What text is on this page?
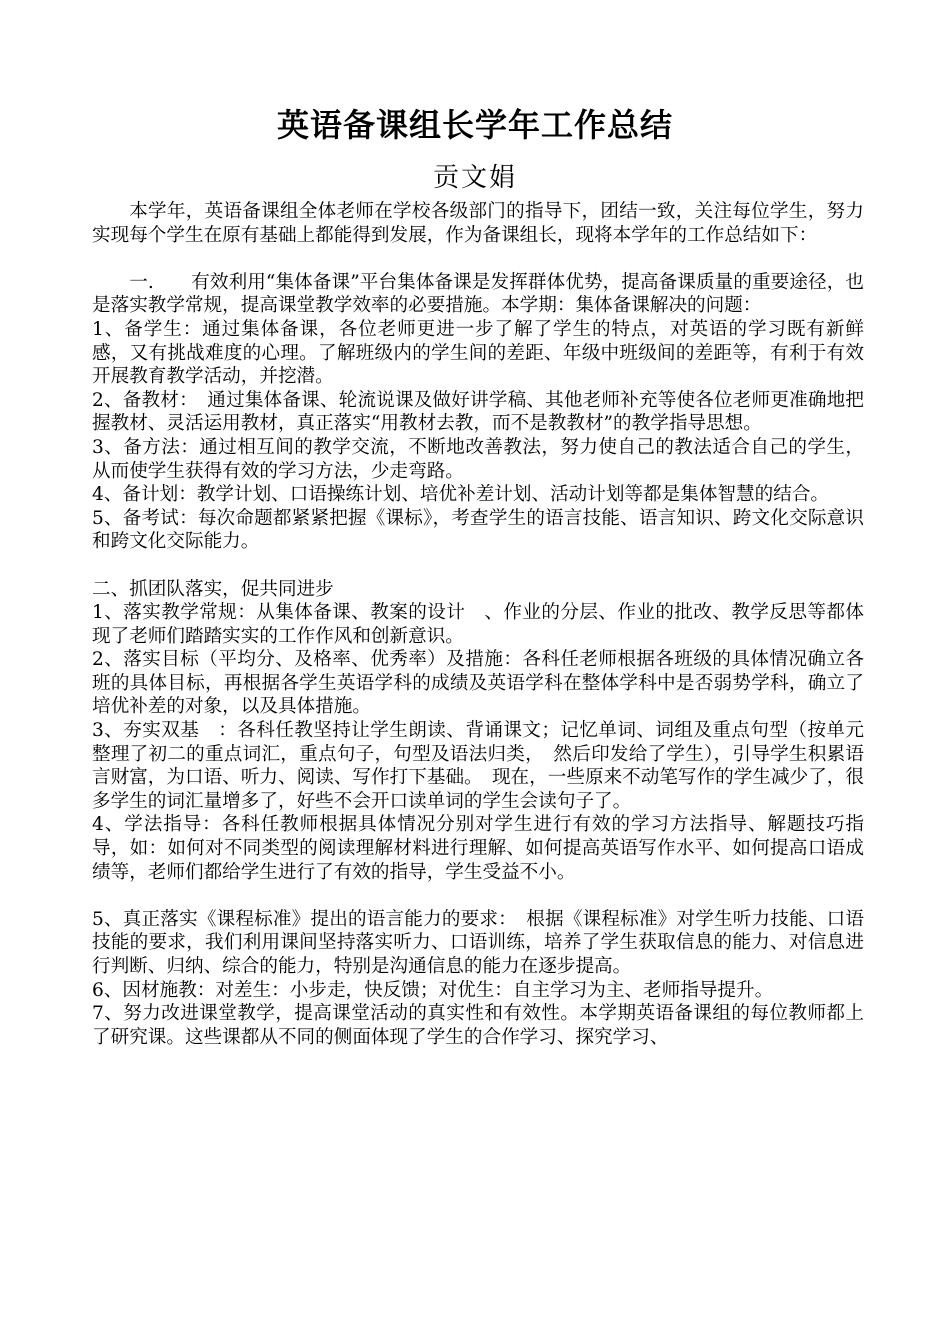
英语备课组长学年工作总结
贡文娟

本学年，英语备课组全体老师在学校各级部门的指导下，团结一致，关注每位学生，努力实现每个学生在原有基础上都能得到发展，作为备课组长，现将本学年的工作总结如下：

一.　　有效利用“集体备课”平台集体备课是发挥群体优势，提高备课质量的重要途径，也是落实教学常规，提高课堂教学效率的必要措施。本学期：集体备课解决的问题：

1、备学生：通过集体备课，各位老师更进一步了解了学生的特点，对英语的学习既有新鲜感，又有挑战难度的心理。了解班级内的学生间的差距、年级中班级间的差距等，有利于有效开展教育教学活动，并挖潜。

2、备教材：　通过集体备课、轮流说课及做好讲学稿、其他老师补充等使各位老师更准确地把握教材、灵活运用教材，真正落实“用教材去教，而不是教教材”的教学指导思想。

3、备方法：通过相互间的教学交流，不断地改善教法，努力使自己的教法适合自己的学生，从而使学生获得有效的学习方法，少走弯路。

4、备计划：教学计划、口语操练计划、培优补差计划、活动计划等都是集体智慧的结合。

5、备考试：每次命题都紧紧把握《课标》，考查学生的语言技能、语言知识、跨文化交际意识和跨文化交际能力。

二、抓团队落实，促共同进步

1、落实教学常规：从集体备课、教案的设计　、作业的分层、作业的批改、教学反思等都体现了老师们踏踏实实的工作作风和创新意识。

2、落实目标（平均分、及格率、优秀率）及措施：各科任老师根据各班级的具体情况确立各班的具体目标，再根据各学生英语学科的成绩及英语学科在整体学科中是否弱势学科，确立了培优补差的对象，以及具体措施。

3、夯实双基　：各科任教坚持让学生朗读、背诵课文；记忆单词、词组及重点句型（按单元整理了初二的重点词汇，重点句子，句型及语法归类，　然后印发给了学生），引导学生积累语言财富，为口语、听力、阅读、写作打下基础。　现在，一些原来不动笔写作的学生减少了，很多学生的词汇量增多了，好些不会开口读单词的学生会读句子了。

4、学法指导：各科任教师根据具体情况分别对学生进行有效的学习方法指导、解题技巧指导，如：如何对不同类型的阅读理解材料进行理解、如何提高英语写作水平、如何提高口语成绩等，老师们都给学生进行了有效的指导，学生受益不小。

5、真正落实《课程标准》提出的语言能力的要求：　根据《课程标准》对学生听力技能、口语技能的要求，我们利用课间坚持落实听力、口语训练，培养了学生获取信息的能力、对信息进行判断、归纳、综合的能力，特别是沟通信息的能力在逐步提高。

6、因材施教：对差生：小步走，快反馈；对优生：自主学习为主、老师指导提升。

7、努力改进课堂教学，提高课堂活动的真实性和有效性。本学期英语备课组的每位教师都上了研究课。这些课都从不同的侧面体现了学生的合作学习、探究学习、
